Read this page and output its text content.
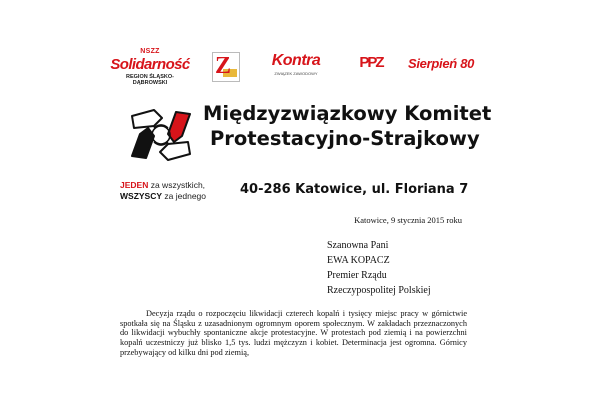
NSZZ
Solidarność
REGION ŚLĄSKO-DĄBROWSKI
Z	Kontra
ZWIĄZEK ZAWODOWY
PPZ	Sierpień 80
Międzyzwiązkowy Komitet
Protestacyjno-Strajkowy
JEDEN za wszystkich,
WSZYSCY za jednego	40-286 Katowice, ul. Floriana 7
Katowice, 9 stycznia 2015 roku
Szanowna Pani
EWA KOPACZ
Premier Rządu
Rzeczypospolitej Polskiej
Decyzja rządu o rozpoczęciu likwidacji czterech kopalń i tysięcy miejsc pracy w górnictwie spotkała się na Śląsku z uzasadnionym ogromnym oporem społecznym. W zakładach przeznaczonych do likwidacji wybuchły spontaniczne akcje protestacyjne. W protestach pod ziemią i na powierzchni kopalń uczestniczy już blisko 1,5 tys. ludzi mężczyzn i kobiet. Determinacja jest ogromna. Górnicy przebywający od kilku dni pod ziemią,
